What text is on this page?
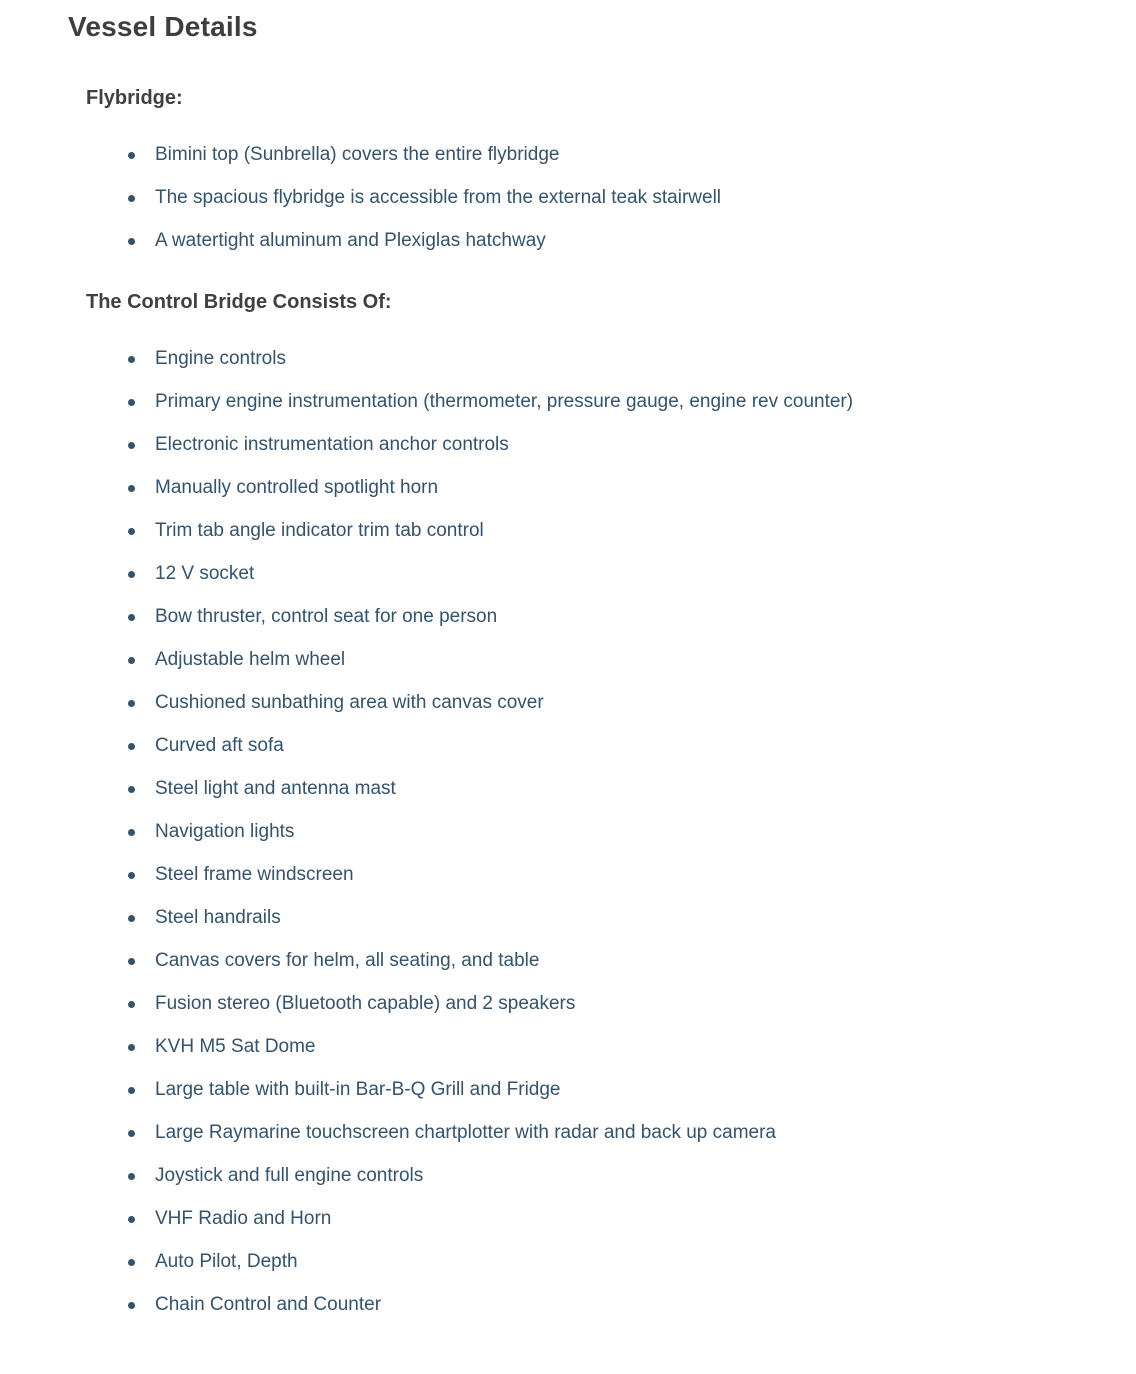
Vessel Details
Flybridge:
Bimini top (Sunbrella) covers the entire flybridge
The spacious flybridge is accessible from the external teak stairwell
A watertight aluminum and Plexiglas hatchway
The Control Bridge Consists Of:
Engine controls
Primary engine instrumentation (thermometer, pressure gauge, engine rev counter)
Electronic instrumentation anchor controls
Manually controlled spotlight horn
Trim tab angle indicator trim tab control
12 V socket
Bow thruster, control seat for one person
Adjustable helm wheel
Cushioned sunbathing area with canvas cover
Curved aft sofa
Steel light and antenna mast
Navigation lights
Steel frame windscreen
Steel handrails
Canvas covers for helm, all seating, and table
Fusion stereo (Bluetooth capable) and 2 speakers
KVH M5 Sat Dome
Large table with built-in Bar-B-Q Grill and Fridge
Large Raymarine touchscreen chartplotter with radar and back up camera
Joystick and full engine controls
VHF Radio and Horn
Auto Pilot, Depth
Chain Control and Counter
